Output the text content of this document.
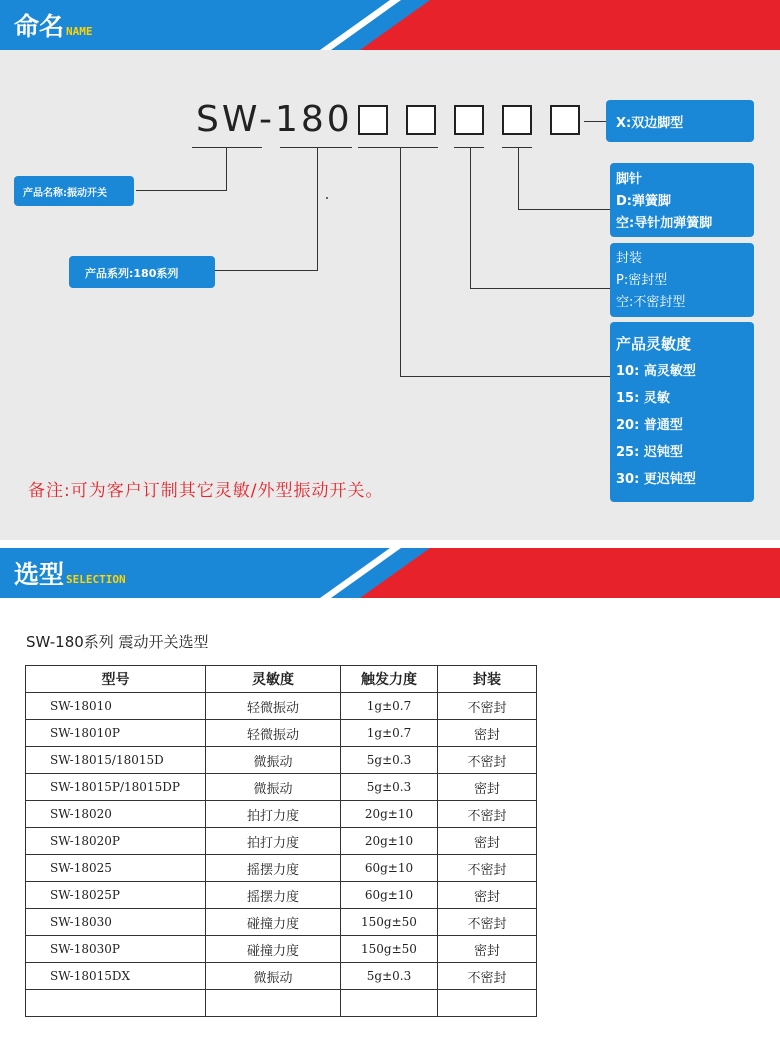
命名 NAME
SW-180
产品名称:振动开关
产品系列:180系列
X:双边脚型
脚针
D:弹簧脚
空:导针加弹簧脚
封装
P:密封型
空:不密封型
产品灵敏度
10: 高灵敏型
15: 灵敏
20: 普通型
25: 迟钝型
30: 更迟钝型
备注:可为客户订制其它灵敏/外型振动开关。
选型 SELECTION
SW-180系列 震动开关选型
型号	灵敏度	触发力度	封装
SW-18010	轻微振动	1g±0.7	不密封
SW-18010P	轻微振动	1g±0.7	密封
SW-18015/18015D	微振动	5g±0.3	不密封
SW-18015P/18015DP	微振动	5g±0.3	密封
SW-18020	拍打力度	20g±10	不密封
SW-18020P	拍打力度	20g±10	密封
SW-18025	摇摆力度	60g±10	不密封
SW-18025P	摇摆力度	60g±10	密封
SW-18030	碰撞力度	150g±50	不密封
SW-18030P	碰撞力度	150g±50	密封
SW-18015DX	微振动	5g±0.3	不密封
